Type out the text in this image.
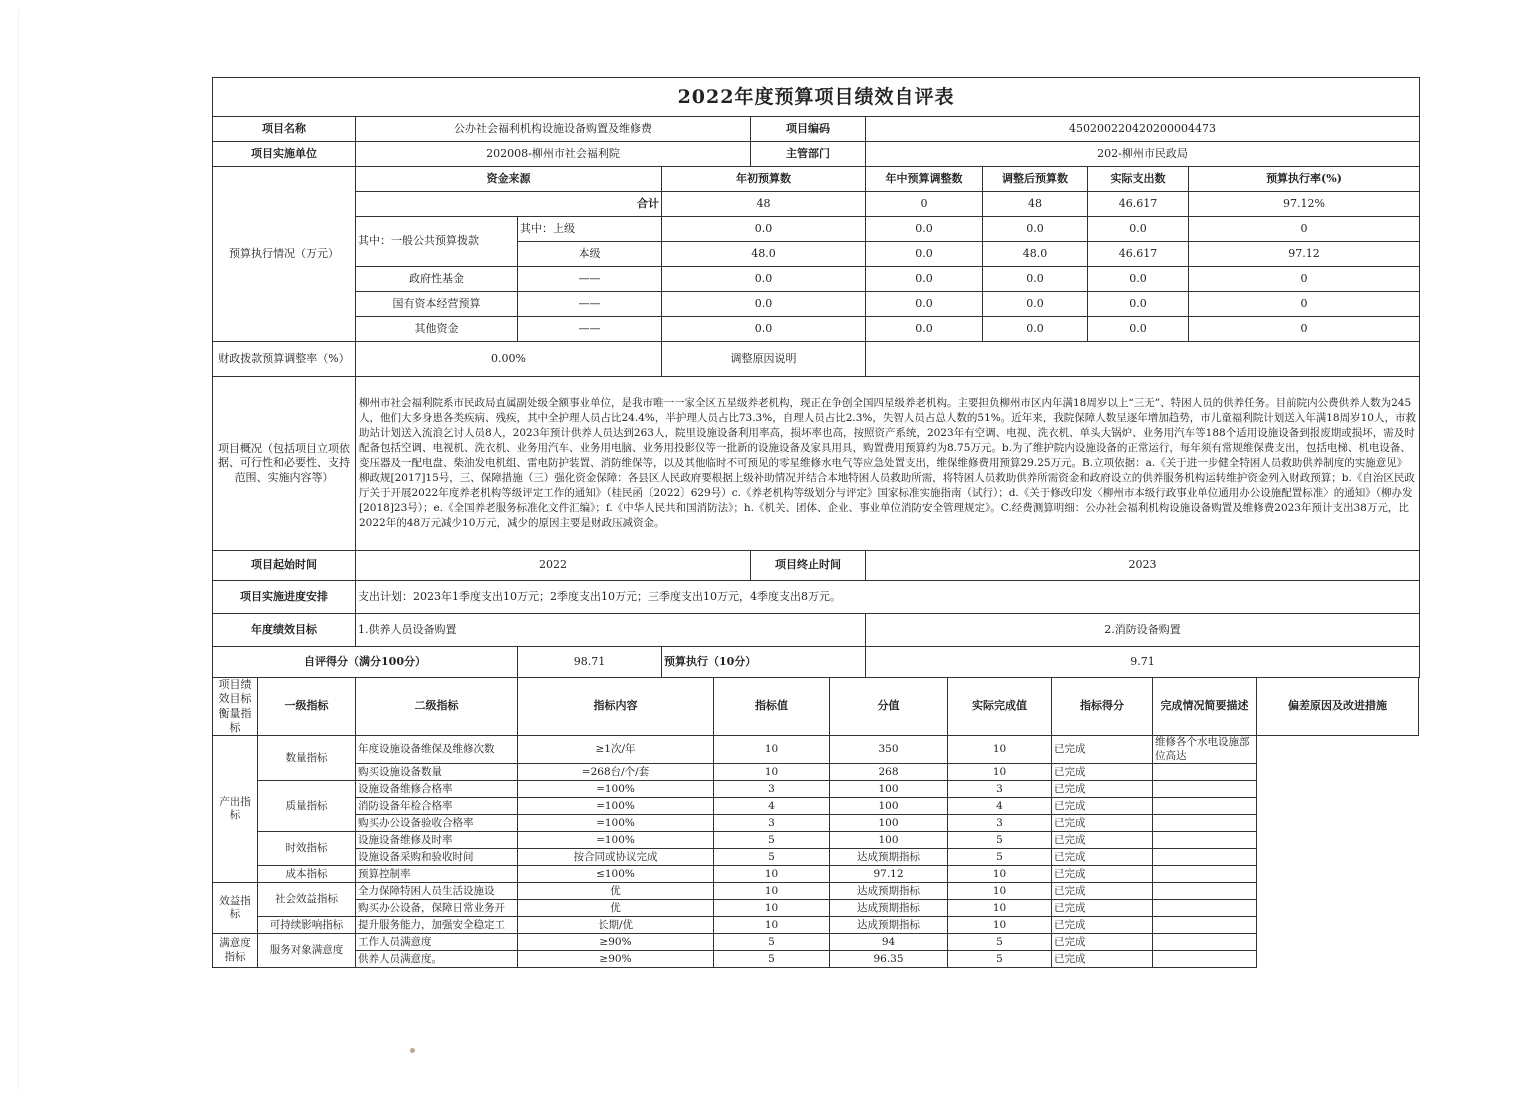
2022年度预算项目绩效自评表								
项目名称	公办社会福利机构设施设备购置及维修费			项目编码	450200220420200004473			
项目实施单位	202008-柳州市社会福利院			主管部门	202-柳州市民政局			
预算执行情况（万元）	资金来源		年初预算数		年中预算调整数	调整后预算数	实际支出数	预算执行率(%)
	合计		48		0	48	46.617	97.12%
	其中：一般公共预算拨款	其中：上级	0.0		0.0	0.0	0.0	0
		本级	48.0		0.0	48.0	46.617	97.12
	政府性基金	——	0.0		0.0	0.0	0.0	0
	国有资本经营预算	——	0.0		0.0	0.0	0.0	0
	其他资金	——	0.0		0.0	0.0	0.0	0
财政拨款预算调整率（%）	0.00%		调整原因说明					
项目概况（包括项目立项依据、可行性和必要性、支持范围、实施内容等）	柳州市社会福利院系市民政局直属副处级全额事业单位，是我市唯一一家全区五星级养老机构，现正在争创全国四星级养老机构。主要担负柳州市区内年满18周岁以上“三无”、特困人员的供养任务。目前院内公费供养人数为245人，他们大多身患各类疾病、残疾，其中全护理人员占比24.4%，半护理人员占比73.3%，自理人员占比2.3%，失智人员占总人数的51%。近年来，我院保障人数呈逐年增加趋势，市儿童福利院计划送入年满18周岁10人，市救助站计划送入流浪乞讨人员8人，2023年预计供养人员达到263人，院里设施设备利用率高，损坏率也高，按照资产系统，2023年有空调、电视、洗衣机、单头大锅炉、业务用汽车等188个适用设施设备到报废期或损坏，需及时配备包括空调、电视机、洗衣机、业务用汽车、业务用电脑、业务用投影仪等一批新的设施设备及家具用具，购置费用预算约为8.75万元。b.为了维护院内设施设备的正常运行，每年须有常规维保费支出，包括电梯、机电设备、变压器及一配电盘、柴油发电机组、雷电防护装置、消防维保等，以及其他临时不可预见的零星维修水电气等应急处置支出，维保维修费用预算29.25万元。B.立项依据：a.《关于进一步健全特困人员救助供养制度的实施意见》柳政规[2017]15号，三、保障措施（三）强化资金保障：各县区人民政府要根据上级补助情况并结合本地特困人员救助所需，将特困人员救助供养所需资金和政府设立的供养服务机构运转维护资金列入财政预算；b.《自治区民政厅关于开展2022年度养老机构等级评定工作的通知》（桂民函〔2022〕629号）c.《养老机构等级划分与评定》国家标准实施指南（试行）；d.《关于修改印发〈柳州市本级行政事业单位通用办公设施配置标准〉的通知》（柳办发[2018]23号）；e.《全国养老服务标准化文件汇编》；f.《中华人民共和国消防法》；h.《机关、团体、企业、事业单位消防安全管理规定》。C.经费测算明细：公办社会福利机构设施设备购置及维修费2023年预计支出38万元，比2022年的48万元减少10万元，减少的原因主要是财政压减资金。							
项目起始时间	2022			项目终止时间	2023			
项目实施进度安排	支出计划：2023年1季度支出10万元；2季度支出10万元；三季度支出10万元，4季度支出8万元。							
年度绩效目标	1.供养人员设备购置				2.消防设备购置			
自评得分（满分100分）		98.71	预算执行（10分）		9.71			
项目绩效目标衡量指标	一级指标	二级指标	指标内容	指标值	分值	实际完成值	指标得分	完成情况简要描述	偏差原因及改进措施
产出指标	数量指标	年度设施设备维保及维修次数	≥1次/年	10	350	10	已完成	维修各个水电设施部位高达	
		购买设施设备数量	=268台/个/套	10	268	10	已完成		
	质量指标	设施设备维修合格率	=100%	3	100	3	已完成		
		消防设备年检合格率	=100%	4	100	4	已完成		
		购买办公设备验收合格率	=100%	3	100	3	已完成		
	时效指标	设施设备维修及时率	=100%	5	100	5	已完成		
		设施设备采购和验收时间	按合同或协议完成	5	达成预期指标	5	已完成		
	成本指标	预算控制率	≤100%	10	97.12	10	已完成		
效益指标	社会效益指标	全力保障特困人员生活设施设	优	10	达成预期指标	10	已完成		
		购买办公设备，保障日常业务开	优	10	达成预期指标	10	已完成		
	可持续影响指标	提升服务能力，加强安全稳定工	长期/优	10	达成预期指标	10	已完成		
满意度指标	服务对象满意度	工作人员满意度	≥90%	5	94	5	已完成		
		供养人员满意度。	≥90%	5	96.35	5	已完成		
